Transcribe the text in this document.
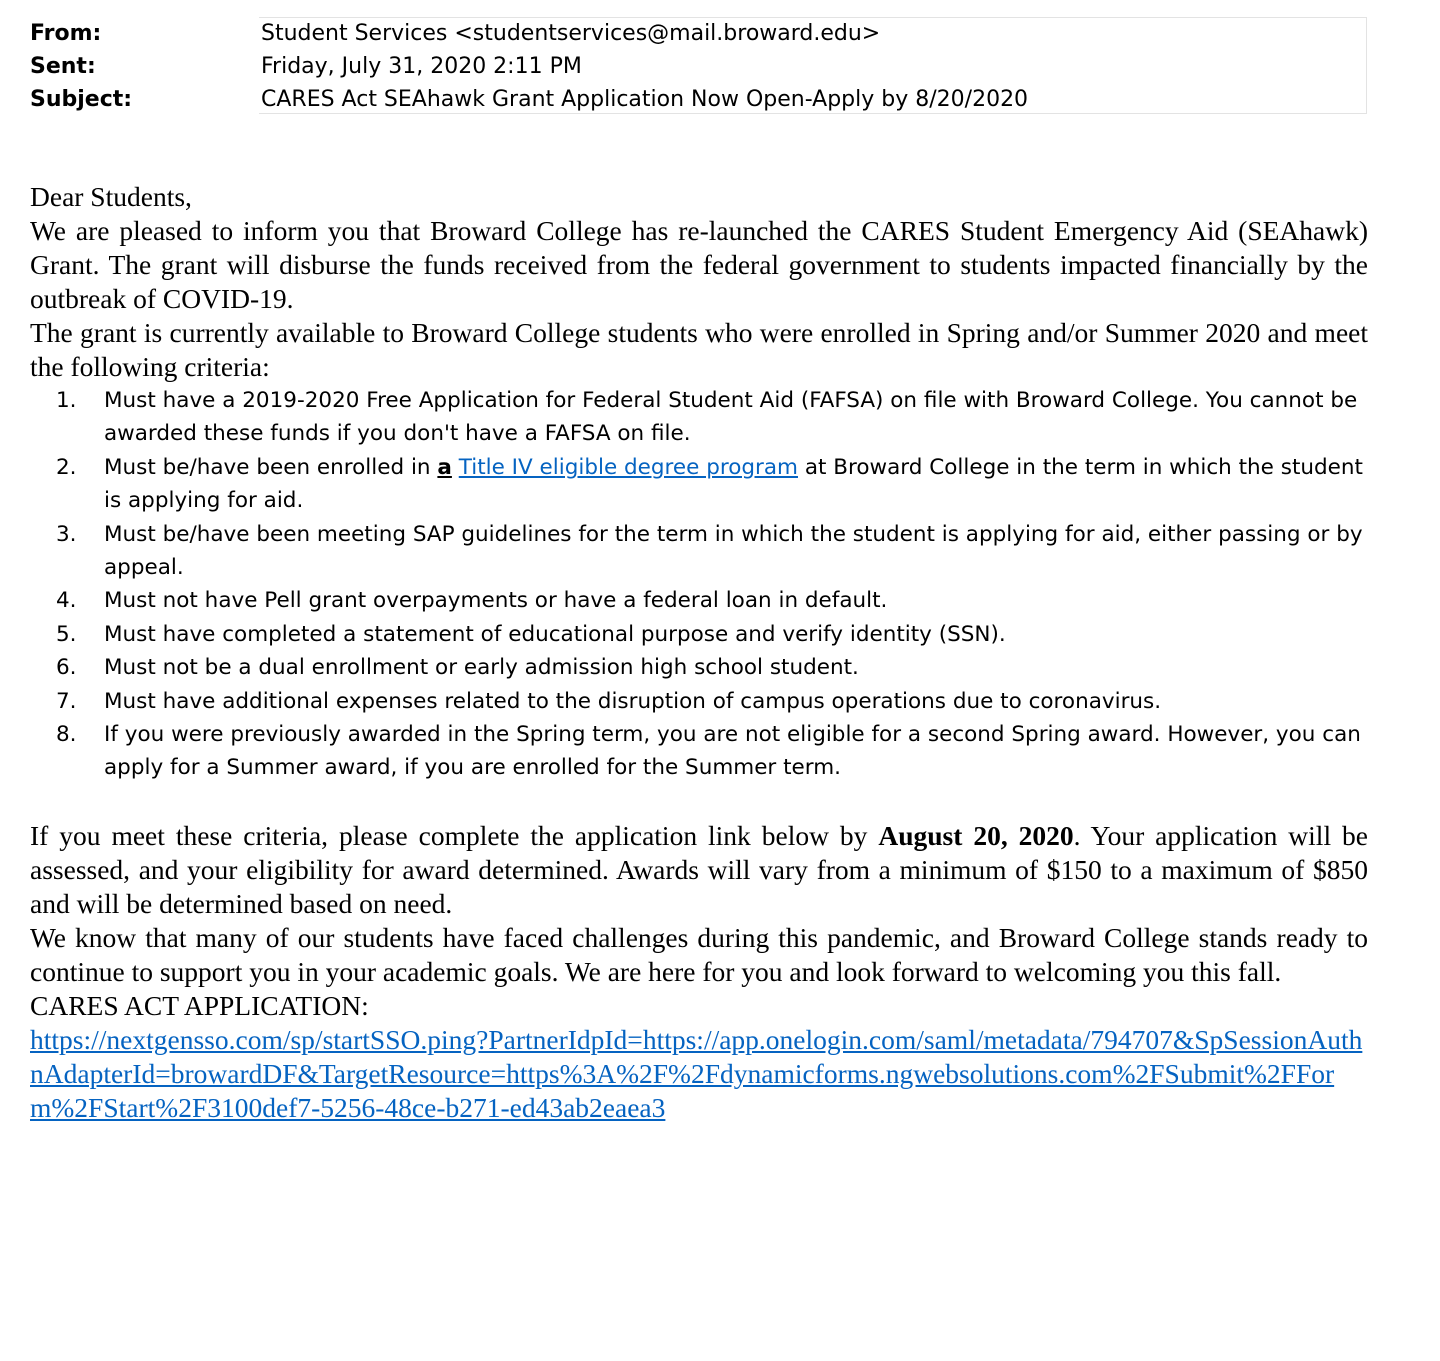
From:	Student Services <studentservices@mail.broward.edu>
Sent:	Friday, July 31, 2020 2:11 PM
Subject:	CARES Act SEAhawk Grant Application Now Open-Apply by 8/20/2020

Dear Students,

We are pleased to inform you that Broward College has re-launched the CARES Student Emergency Aid (SEAhawk) Grant. The grant will disburse the funds received from the federal government to students impacted financially by the outbreak of COVID-19.

The grant is currently available to Broward College students who were enrolled in Spring and/or Summer 2020 and meet the following criteria:

1. Must have a 2019-2020 Free Application for Federal Student Aid (FAFSA) on file with Broward College. You cannot be awarded these funds if you don't have a FAFSA on file.
2. Must be/have been enrolled in a Title IV eligible degree program at Broward College in the term in which the student is applying for aid.
3. Must be/have been meeting SAP guidelines for the term in which the student is applying for aid, either passing or by appeal.
4. Must not have Pell grant overpayments or have a federal loan in default.
5. Must have completed a statement of educational purpose and verify identity (SSN).
6. Must not be a dual enrollment or early admission high school student.
7. Must have additional expenses related to the disruption of campus operations due to coronavirus.
8. If you were previously awarded in the Spring term, you are not eligible for a second Spring award. However, you can apply for a Summer award, if you are enrolled for the Summer term.

If you meet these criteria, please complete the application link below by August 20, 2020. Your application will be assessed, and your eligibility for award determined. Awards will vary from a minimum of $150 to a maximum of $850 and will be determined based on need.

We know that many of our students have faced challenges during this pandemic, and Broward College stands ready to continue to support you in your academic goals. We are here for you and look forward to welcoming you this fall.

CARES ACT APPLICATION:

https://nextgensso.com/sp/startSSO.ping?PartnerIdpId=https://app.onelogin.com/saml/metadata/794707&SpSessionAuthnAdapterId=browardDF&TargetResource=https%3A%2F%2Fdynamicforms.ngwebsolutions.com%2FSubmit%2FForm%2FStart%2F3100def7-5256-48ce-b271-ed43ab2eaea3
